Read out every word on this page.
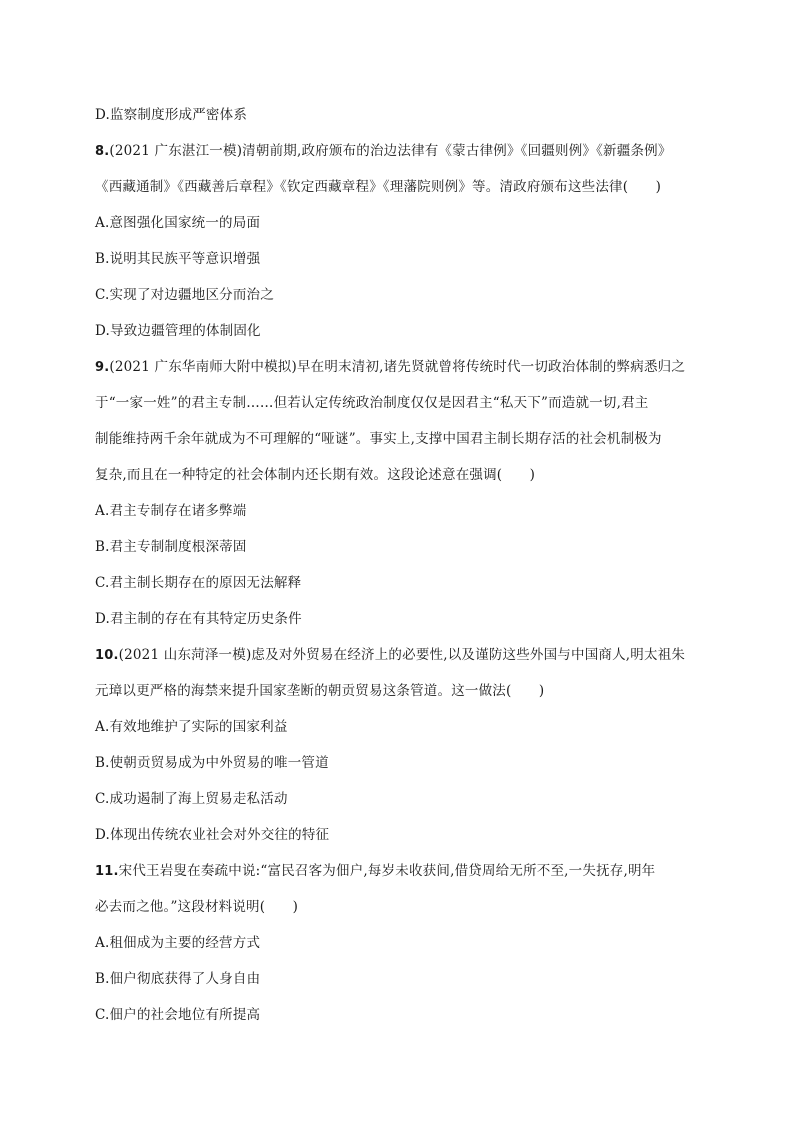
D.监察制度形成严密体系
8.(2021 广东湛江一模)清朝前期,政府颁布的治边法律有《蒙古律例》《回疆则例》《新疆条例》
《西藏通制》《西藏善后章程》《钦定西藏章程》《理藩院则例》等。清政府颁布这些法律(　　)
A.意图强化国家统一的局面
B.说明其民族平等意识增强
C.实现了对边疆地区分而治之
D.导致边疆管理的体制固化
9.(2021 广东华南师大附中模拟)早在明末清初,诸先贤就曾将传统时代一切政治体制的弊病悉归之
于“一家一姓”的君主专制……但若认定传统政治制度仅仅是因君主“私天下”而造就一切,君主
制能维持两千余年就成为不可理解的“哑谜”。事实上,支撑中国君主制长期存活的社会机制极为
复杂,而且在一种特定的社会体制内还长期有效。这段论述意在强调(　　)
A.君主专制存在诸多弊端
B.君主专制制度根深蒂固
C.君主制长期存在的原因无法解释
D.君主制的存在有其特定历史条件
10.(2021 山东菏泽一模)虑及对外贸易在经济上的必要性,以及谨防这些外国与中国商人,明太祖朱
元璋以更严格的海禁来提升国家垄断的朝贡贸易这条管道。这一做法(　　)
A.有效地维护了实际的国家利益
B.使朝贡贸易成为中外贸易的唯一管道
C.成功遏制了海上贸易走私活动
D.体现出传统农业社会对外交往的特征
11.宋代王岩叟在奏疏中说:“富民召客为佃户,每岁未收获间,借贷周给无所不至,一失抚存,明年
必去而之他。”这段材料说明(　　)
A.租佃成为主要的经营方式
B.佃户彻底获得了人身自由
C.佃户的社会地位有所提高
